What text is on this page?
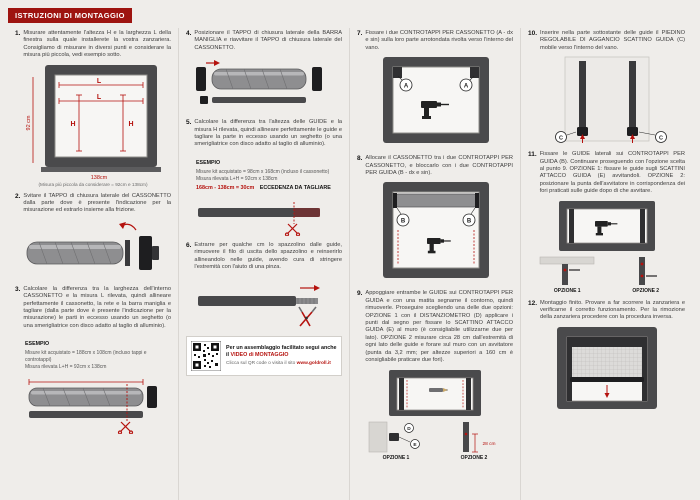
ISTRUZIONI DI MONTAGGIO
1. Misurare attentamente l'altezza H e la larghezza L della finestra sulla quale installerete la vostra zanzariera. Consigliamo di misurare in diversi punti e considerare la misura più piccola, vedi esempio sotto.

L
L
H	H
92 cm
138cm
(Misura più piccola da considerare = 92cm e 138cm)
2. Svitare il TAPPO di chiusura laterale del CASSONETTO dalla parte dove è presente l'indicazione per la misurazione ed estrarlo insieme alla frizione.

3. Calcolare la differenza tra la larghezza dell'interno CASSONETTO e la misura L rilevata, quindi allineare perfettamente il cassonetto, la rete e la barra maniglia e tagliare (dalla parte dove è presente l'indicazione per la misurazione) le parti in eccesso usando un seghetto (o una smerigliatrice con disco adatto al taglio di alluminio).

ESEMPIO
Misure kit acquistato = 188cm x 108cm (incluso tappi e controtappi)
Misura rilevata L+H = 92cm x 138cm
4. Posizionare il TAPPO di chiusura laterale della BARRA MANIGLIA e riavvitare il TAPPO di chiusura laterale del CASSONETTO.

5. Calcolare la differenza tra l'altezza delle GUIDE e la misura H rilevata, quindi allineare perfettamente le guide e tagliare la parte in eccesso usando un seghetto (o una smerigliatrice con disco adatto al taglio di alluminio).

ESEMPIO
Misure kit acquistato = 98cm x 168cm (incluso il cassonetto)
Misura rilevata L+H = 92cm x 138cm
168cm - 138cm = 30cm ECCEDENZA DA TAGLIARE
6. Estrarre per qualche cm lo spazzolino dalle guide, rimuovere il filo di uscita dello spazzolino e reinserirlo allineandolo nelle guide, avendo cura di stringere l'estremità con l'aiuto di una pinza.

Per un assemblaggio facilitato segui anche il VIDEO di MONTAGGIO
Clicca sul QR code o visita il sito www.goldroll.it
7. Fissare i due CONTROTAPPI PER CASSONETTO (A - dx e sin) sulla loro parte arrotondata rivolta verso l'interno del vano.

A	A
8. Allocare il CASSONETTO tra i due CONTROTAPPI PER CASSONETTO, e bloccarlo con i due CONTROTAPPI PER GUIDA (B - dx e sin).

B	B
9. Appoggiare entrambe le GUIDE sui CONTROTAPPI PER GUIDA e con una matita segnarne il contorno, quindi rimuoverle. Proseguire scegliendo una delle due opzioni: OPZIONE 1 con il DISTANZIOMETRO (D) applicare i punti dal segno per fissare lo SCATTINO ATTACCO GUIDA (E) al muro (è consigliabile utilizzarne due per lato). OPZIONE 2 misurare circa 28 cm dall'estremità di ogni lato delle guide e forare sul muro con un avvitatore (punta da 3,2 mm; per altezze superiori a 160 cm è consigliabile praticare due fori).

D
E
OPZIONE 1
28 cm
OPZIONE 2
10. Inserire nella parte sottostante delle guide il PIEDINO REGOLABILE DI AGGANCIO SCATTINO GUIDA (C) mobile verso l'interno del vano.

C	C
11. Fissare le GUIDE laterali sui CONTROTAPPI PER GUIDA (B). Continuare proseguendo con l'opzione scelta al punto 9. OPZIONE 1: fissare le guide sugli SCATTINI ATTACCO GUIDA (E) avvitandoli. OPZIONE 2: posizionare la punta dell'avvitatore in corrispondenza dei fori praticati sulle guide dopo di che avvitare.

OPZIONE 1	OPZIONE 2
12. Montaggio finito. Provare a far scorrere la zanzariera e verificarne il corretto funzionamento. Per la rimozione della zanzariera procedere con la procedura inversa.
